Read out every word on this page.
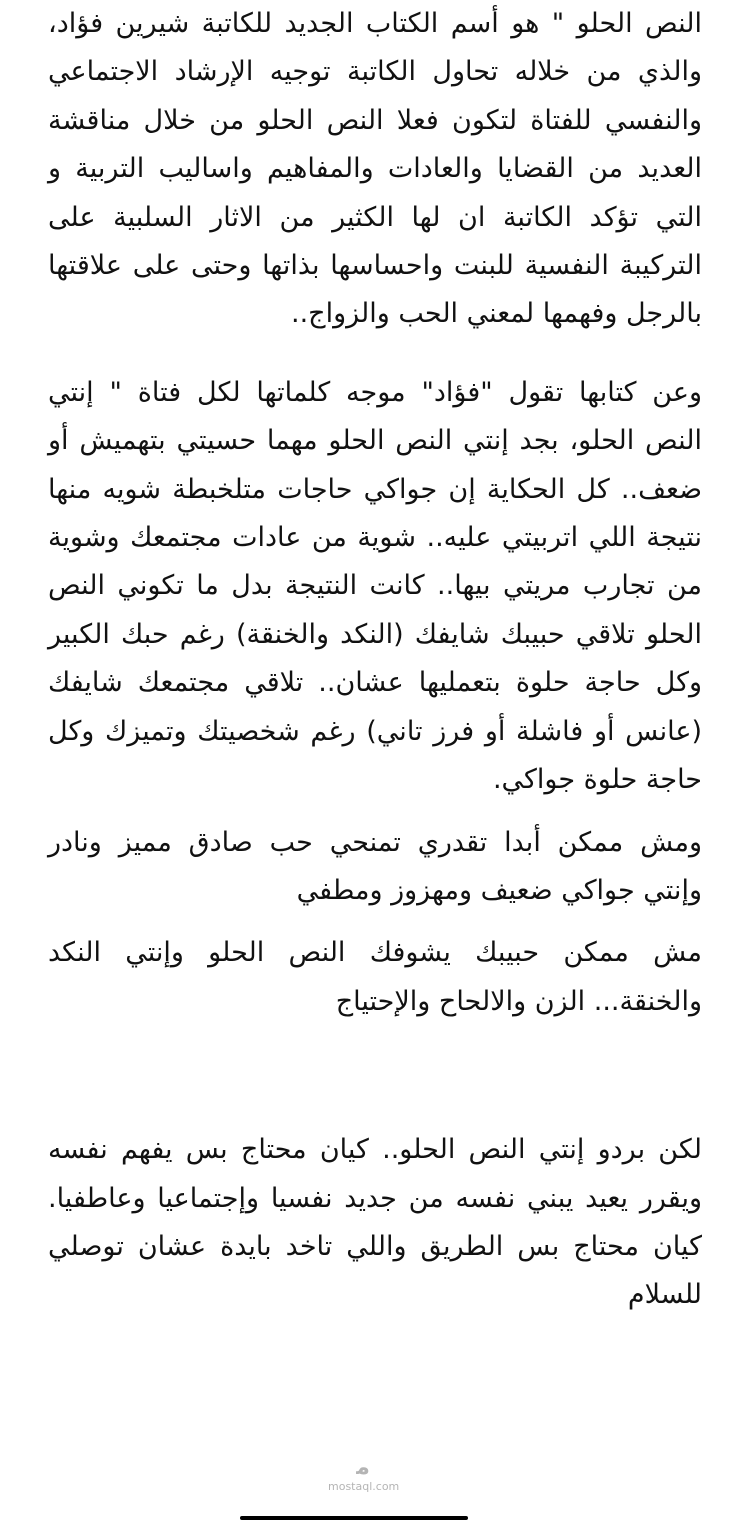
النص الحلو " هو أسم الكتاب الجديد للكاتبة شيرين فؤاد، والذي من خلاله تحاول الكاتبة توجيه الإرشاد الاجتماعي والنفسي للفتاة لتكون فعلا النص الحلو من خلال مناقشة العديد من القضايا والعادات والمفاهيم واساليب التربية و التي تؤكد الكاتبة ان لها الكثير من الاثار السلبية على التركيبة النفسية للبنت واحساسها بذاتها وحتى على علاقتها بالرجل وفهمها لمعني الحب والزواج..

وعن كتابها تقول "فؤاد" موجه كلماتها لكل فتاة " إنتي النص الحلو، بجد إنتي النص الحلو مهما حسيتي بتهميش أو ضعف.. كل الحكاية إن جواكي حاجات متلخبطة شويه منها نتيجة اللي اتربيتي عليه.. شوية من عادات مجتمعك وشوية من تجارب مريتي بيها.. كانت النتيجة بدل ما تكوني النص الحلو تلاقي حبيبك شايفك (النكد والخنقة) رغم حبك الكبير وكل حاجة حلوة بتعمليها عشان.. تلاقي مجتمعك شايفك (عانس أو فاشلة أو فرز تاني) رغم شخصيتك وتميزك وكل حاجة حلوة جواكي.

ومش ممكن أبدا تقدري تمنحي حب صادق مميز ونادر وإنتي جواكي ضعيف ومهزوز ومطفي

مش ممكن حبيبك يشوفك النص الحلو وإنتي النكد والخنقة... الزن والالحاح والإحتياج

لكن بردو إنتي النص الحلو.. كيان محتاج بس يفهم نفسه ويقرر يعيد يبني نفسه من جديد نفسيا وإجتماعيا وعاطفيا. كيان محتاج بس الطريق واللي تاخد بايدة عشان توصلي للسلام

ﻣ
mostaql.com
